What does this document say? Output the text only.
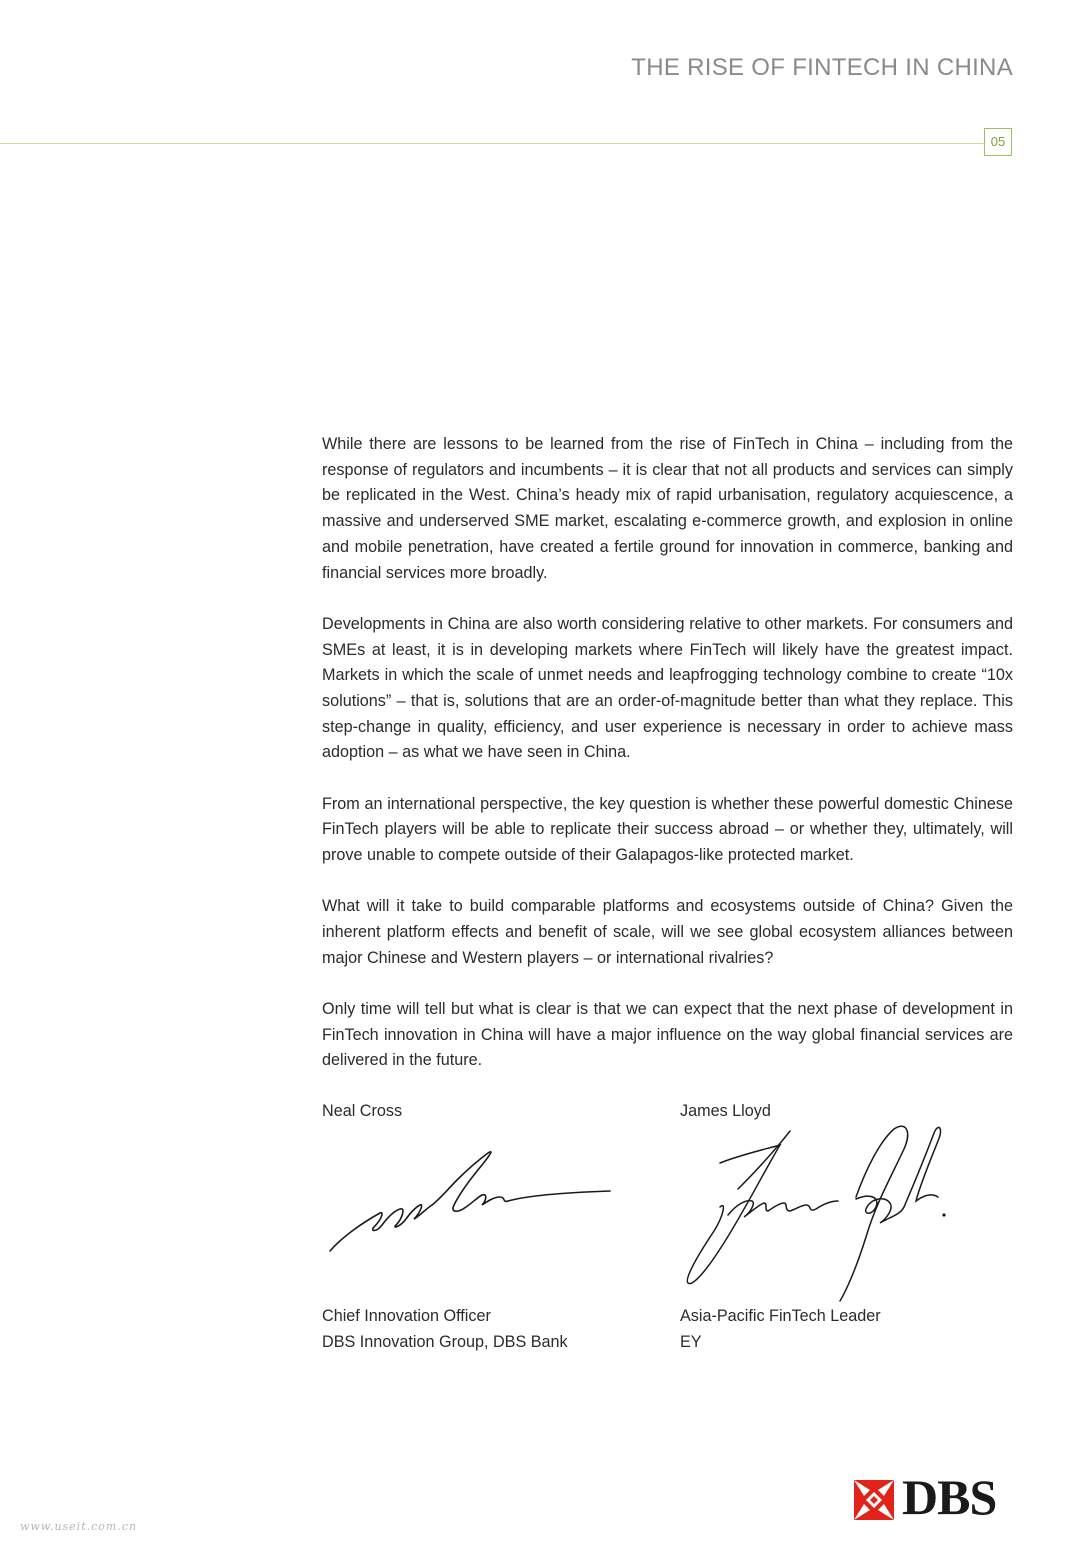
THE RISE OF FINTECH IN CHINA
05

While there are lessons to be learned from the rise of FinTech in China – including from the response of regulators and incumbents – it is clear that not all products and services can simply be replicated in the West. China’s heady mix of rapid urbanisation, regulatory acquiescence, a massive and underserved SME market, escalating e-commerce growth, and explosion in online and mobile penetration, have created a fertile ground for innovation in commerce, banking and financial services more broadly.

Developments in China are also worth considering relative to other markets. For consumers and SMEs at least, it is in developing markets where FinTech will likely have the greatest impact. Markets in which the scale of unmet needs and leapfrogging technology combine to create “10x solutions” – that is, solutions that are an order-of-magnitude better than what they replace. This step-change in quality, efficiency, and user experience is necessary in order to achieve mass adoption – as what we have seen in China.

From an international perspective, the key question is whether these powerful domestic Chinese FinTech players will be able to replicate their success abroad – or whether they, ultimately, will prove unable to compete outside of their Galapagos-like protected market.

What will it take to build comparable platforms and ecosystems outside of China? Given the inherent platform effects and benefit of scale, will we see global ecosystem alliances between major Chinese and Western players – or international rivalries?

Only time will tell but what is clear is that we can expect that the next phase of development in FinTech innovation in China will have a major influence on the way global financial services are delivered in the future.

Neal Cross
Chief Innovation Officer
DBS Innovation Group, DBS Bank
James Lloyd
Asia-Pacific FinTech Leader
EY
www.useit.com.cn
DBS
